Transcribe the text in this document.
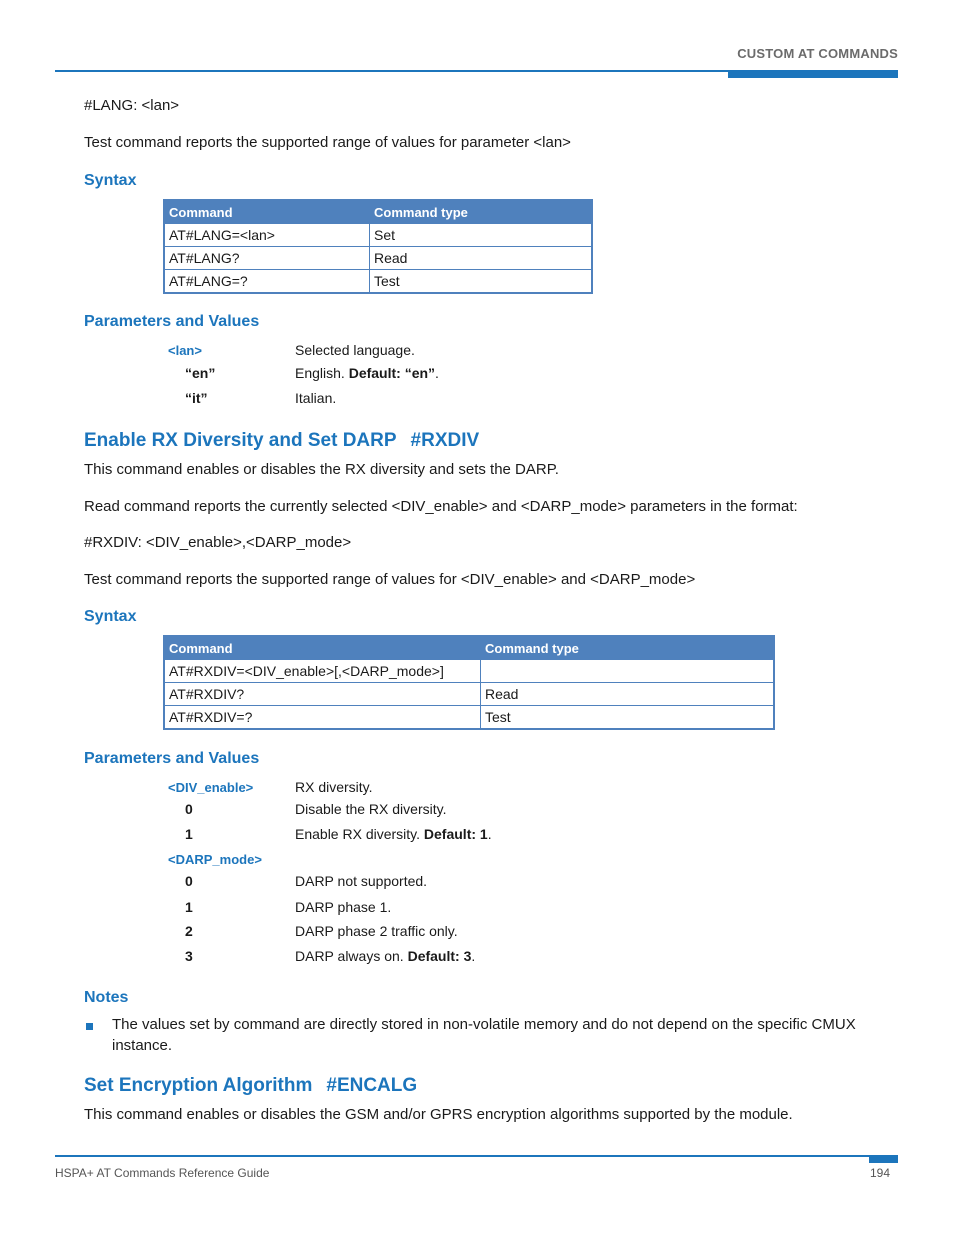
CUSTOM AT COMMANDS
#LANG: <lan>
Test command reports the supported range of values for parameter <lan>
Syntax
Command	Command type
AT#LANG=<lan>	Set
AT#LANG?	Read
AT#LANG=?	Test
Parameters and Values
<lan>	Selected language.
“en”	English. Default: “en”.
“it”	Italian.
Enable RX Diversity and Set DARP #RXDIV
This command enables or disables the RX diversity and sets the DARP.
Read command reports the currently selected <DIV_enable> and <DARP_mode> parameters in the format:
#RXDIV: <DIV_enable>,<DARP_mode>
Test command reports the supported range of values for <DIV_enable> and <DARP_mode>
Syntax
Command	Command type
AT#RXDIV=<DIV_enable>[,<DARP_mode>]	
AT#RXDIV?	Read
AT#RXDIV=?	Test
Parameters and Values
<DIV_enable>	RX diversity.
0	Disable the RX diversity.
1	Enable RX diversity. Default: 1.
<DARP_mode>
0	DARP not supported.
1	DARP phase 1.
2	DARP phase 2 traffic only.
3	DARP always on. Default: 3.
Notes
The values set by command are directly stored in non-volatile memory and do not depend on the specific CMUX
instance.
Set Encryption Algorithm #ENCALG
This command enables or disables the GSM and/or GPRS encryption algorithms supported by the module.
HSPA+ AT Commands Reference Guide	194
